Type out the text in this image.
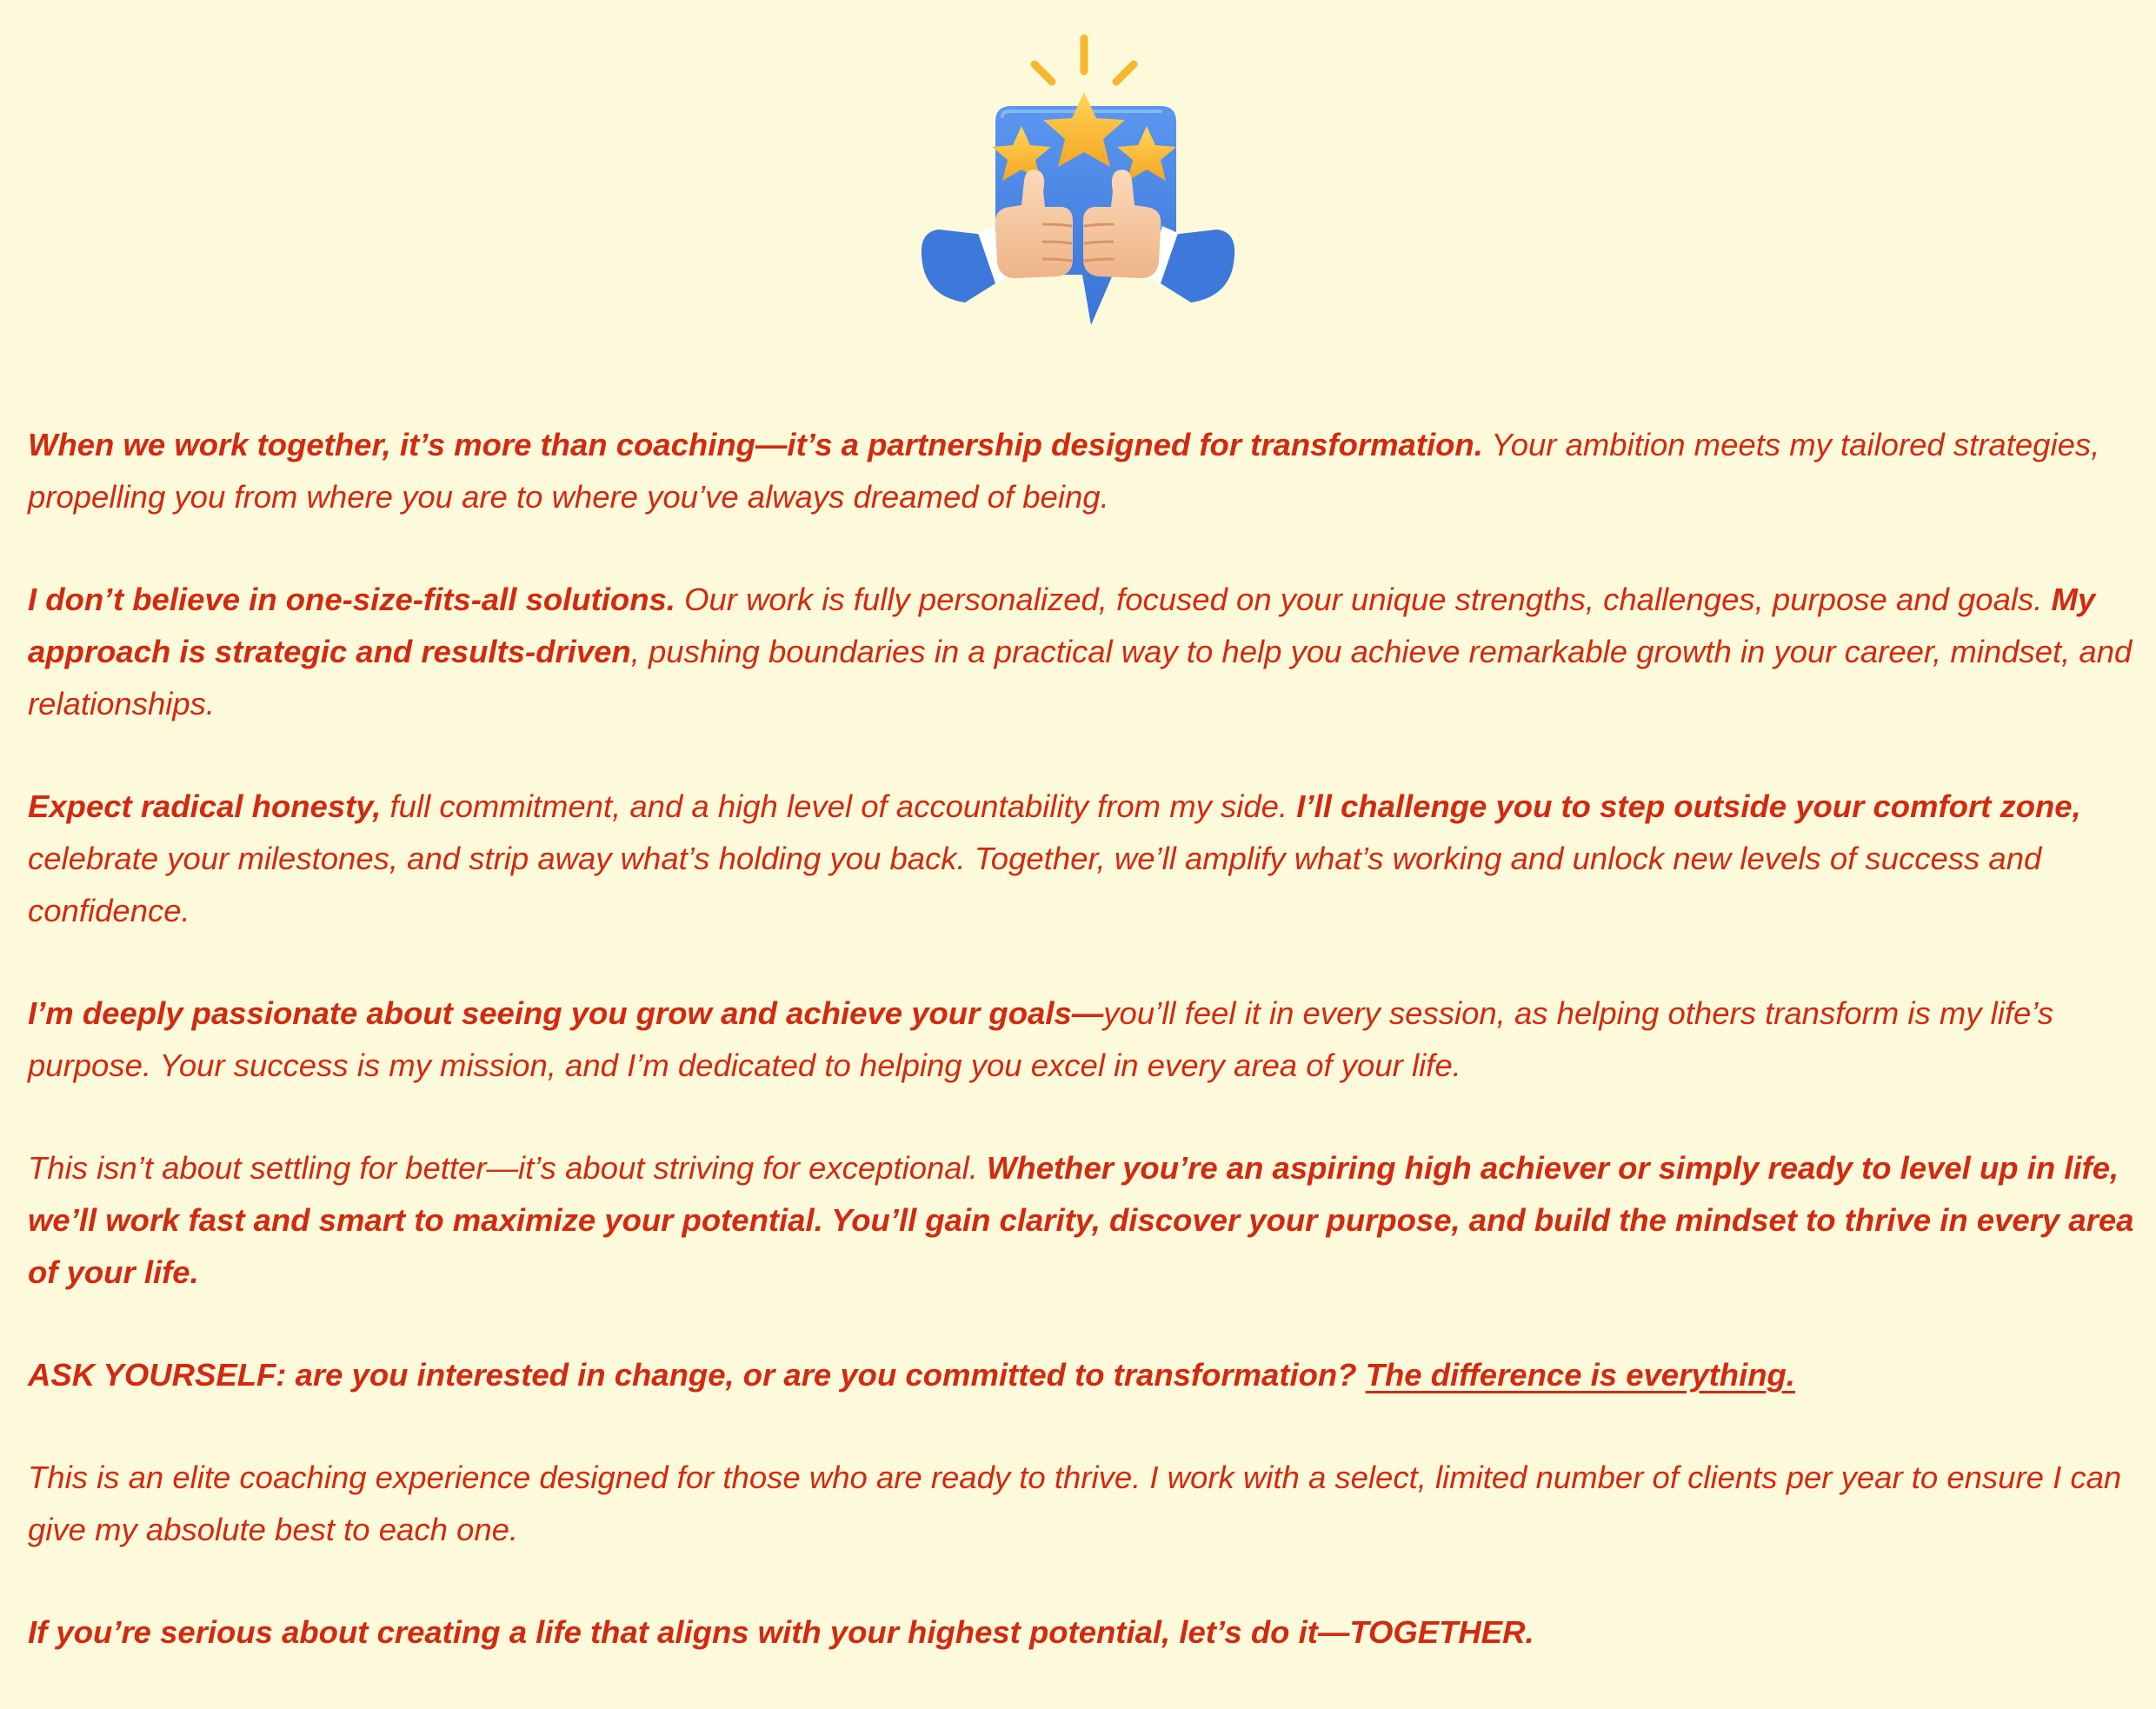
When we work together, it’s more than coaching—it’s a partnership designed for transformation. Your ambition meets my tailored strategies, propelling you from where you are to where you’ve always dreamed of being.

I don’t believe in one-size-fits-all solutions. Our work is fully personalized, focused on your unique strengths, challenges, purpose and goals. My approach is strategic and results-driven, pushing boundaries in a practical way to help you achieve remarkable growth in your career, mindset, and relationships.

Expect radical honesty, full commitment, and a high level of accountability from my side. I’ll challenge you to step outside your comfort zone, celebrate your milestones, and strip away what’s holding you back. Together, we’ll amplify what’s working and unlock new levels of success and confidence.

I’m deeply passionate about seeing you grow and achieve your goals—you’ll feel it in every session, as helping others transform is my life’s purpose. Your success is my mission, and I’m dedicated to helping you excel in every area of your life.

This isn’t about settling for better—it’s about striving for exceptional. Whether you’re an aspiring high achiever or simply ready to level up in life, we’ll work fast and smart to maximize your potential. You’ll gain clarity, discover your purpose, and build the mindset to thrive in every area of your life.

ASK YOURSELF: are you interested in change, or are you committed to transformation? The difference is everything.

This is an elite coaching experience designed for those who are ready to thrive. I work with a select, limited number of clients per year to ensure I can give my absolute best to each one.

If you’re serious about creating a life that aligns with your highest potential, let’s do it—TOGETHER.
